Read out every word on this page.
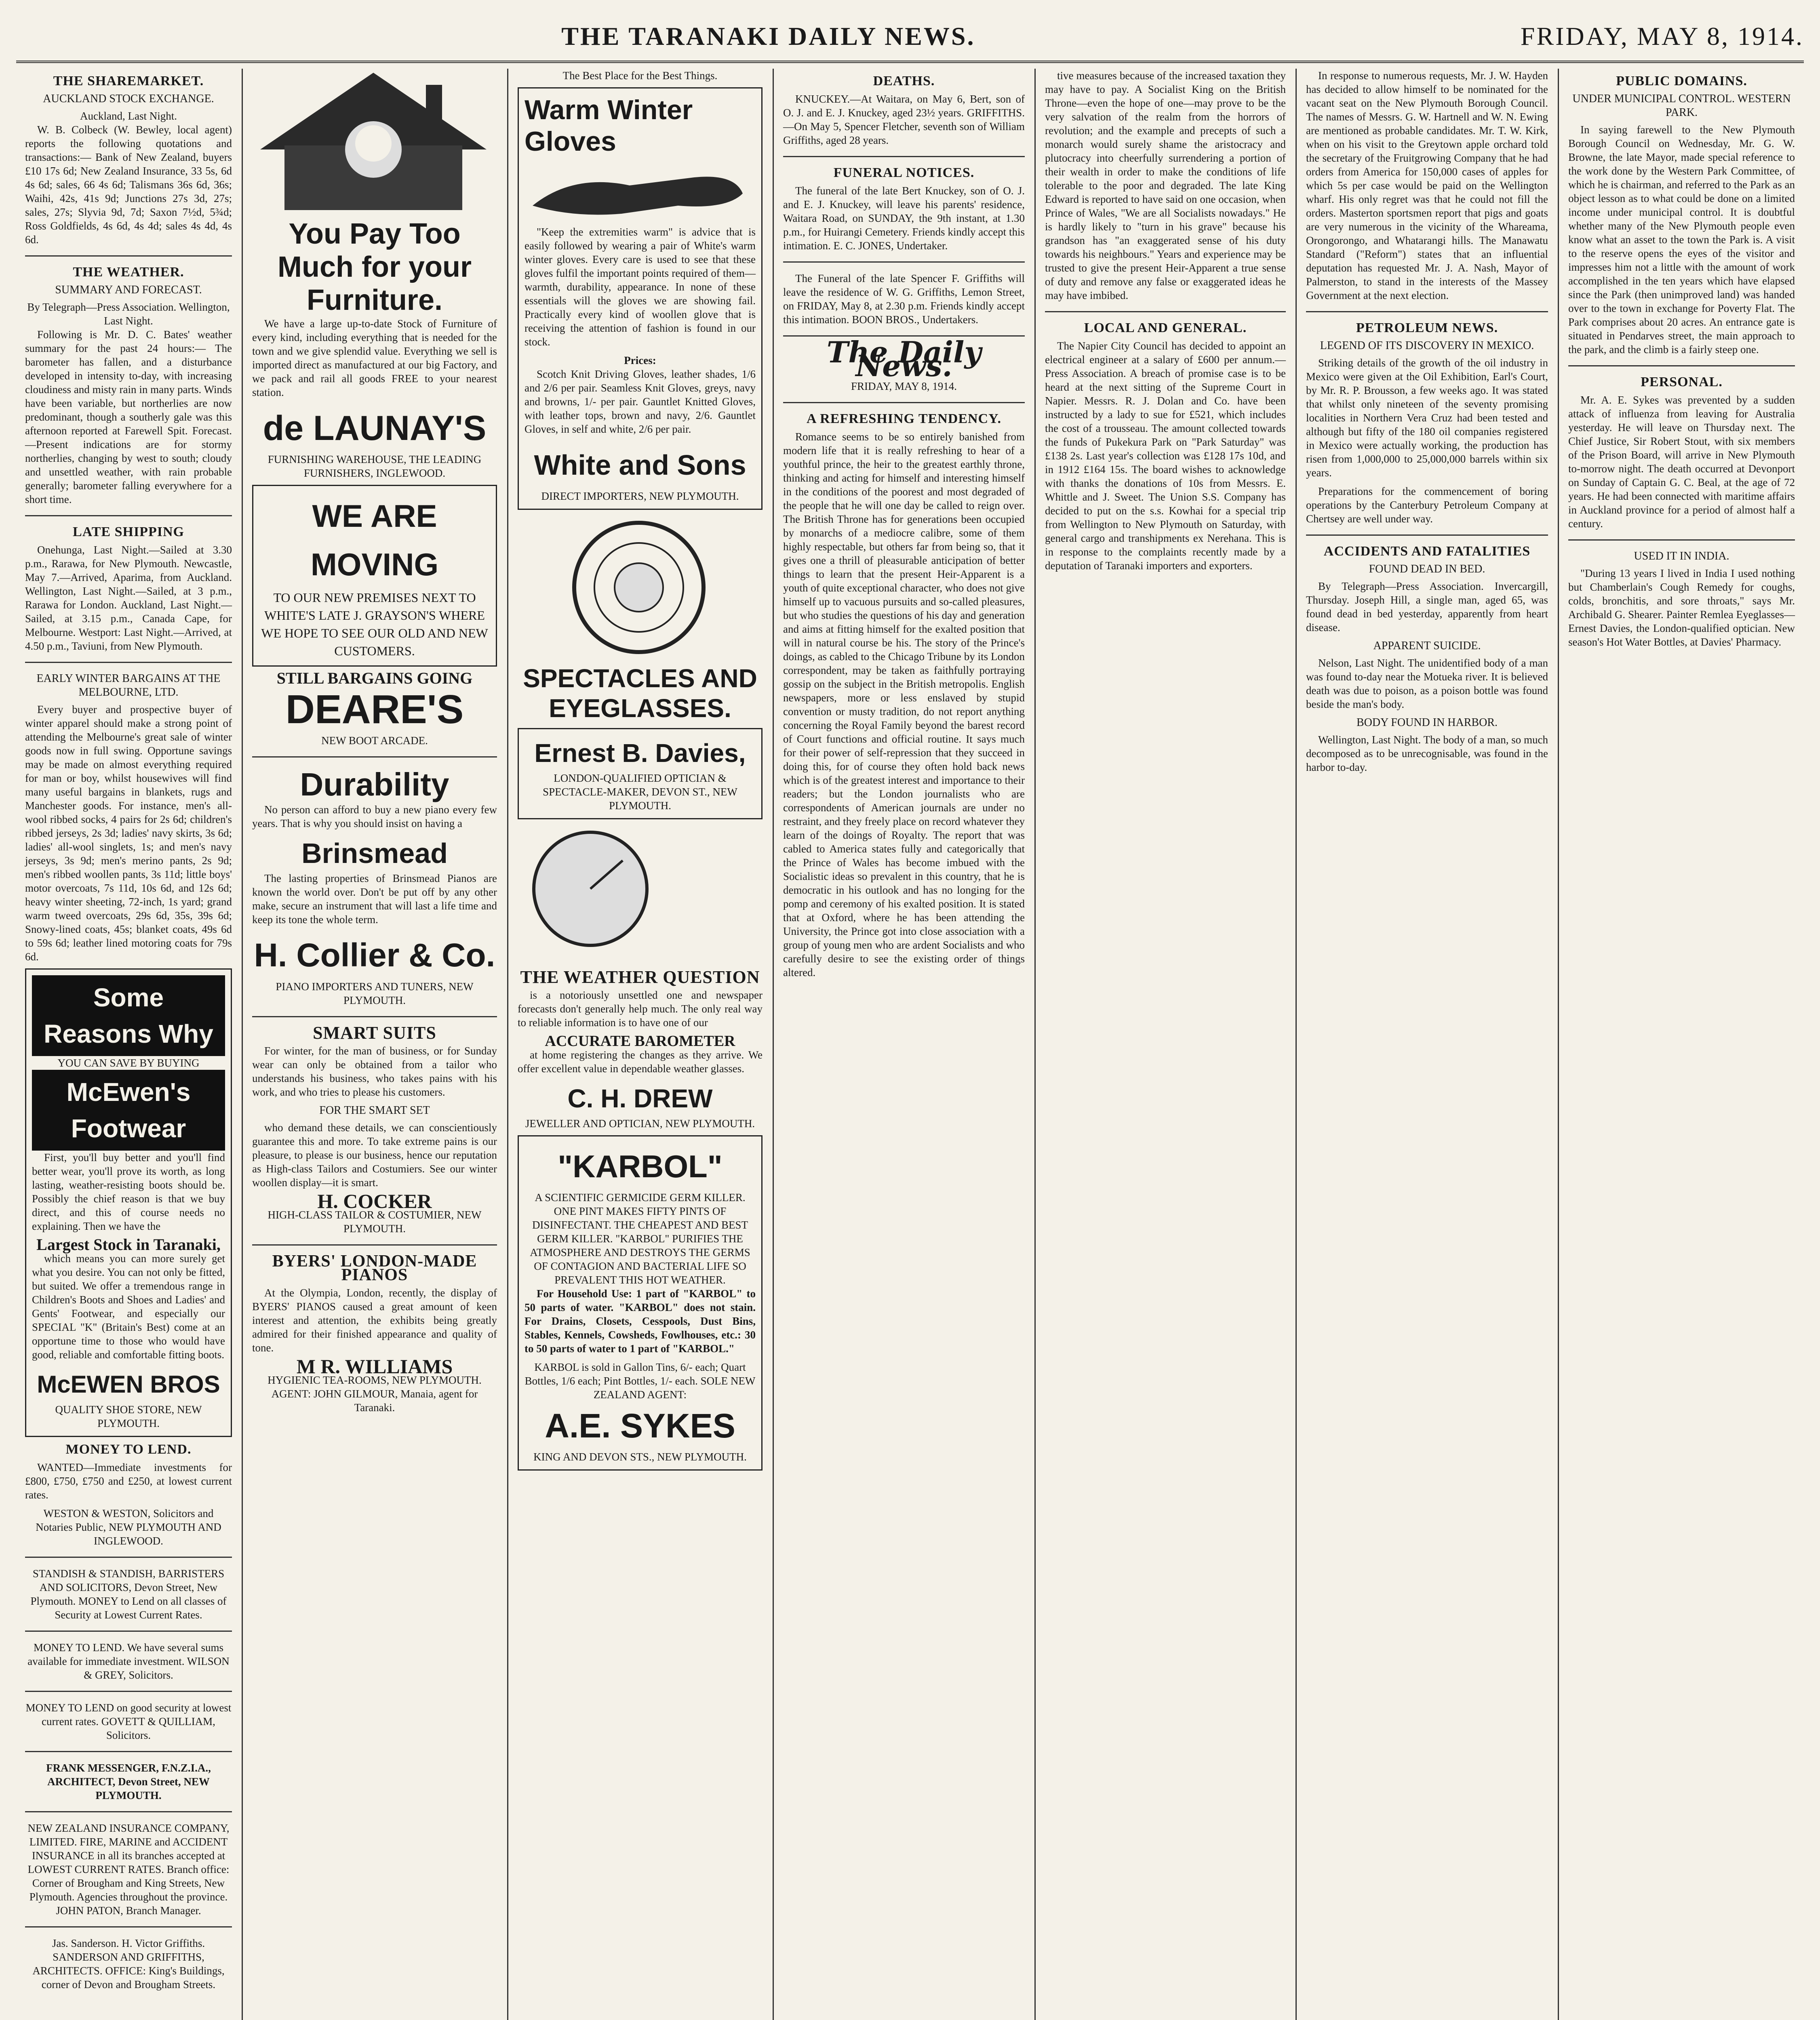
THE TARANAKI DAILY NEWS.	FRIDAY, MAY 8, 1914.
THE SHAREMARKET.
AUCKLAND STOCK EXCHANGE.
Auckland, Last Night.

W. B. Colbeck (W. Bewley, local agent) reports the following quotations and transactions:— Bank of New Zealand, buyers £10 17s 6d; New Zealand Insurance, 33 5s, 6d 4s 6d; sales, 66 4s 6d; Talismans 36s 6d, 36s; Waihi, 42s, 41s 9d; Junctions 27s 3d, 27s; sales, 27s; Slyvia 9d, 7d; Saxon 7½d, 5¾d; Ross Goldfields, 4s 6d, 4s 4d; sales 4s 4d, 4s 6d.

THE WEATHER.
SUMMARY AND FORECAST.
By Telegraph—Press Association. Wellington, Last Night.

Following is Mr. D. C. Bates' weather summary for the past 24 hours:— The barometer has fallen, and a disturbance developed in intensity to-day, with increasing cloudiness and misty rain in many parts. Winds have been variable, but northerlies are now predominant, though a southerly gale was this afternoon reported at Farewell Spit. Forecast.—Present indications are for stormy northerlies, changing by west to south; cloudy and unsettled weather, with rain probable generally; barometer falling everywhere for a short time.

LATE SHIPPING

Onehunga, Last Night.—Sailed at 3.30 p.m., Rarawa, for New Plymouth. Newcastle, May 7.—Arrived, Aparima, from Auckland. Wellington, Last Night.—Sailed, at 3 p.m., Rarawa for London. Auckland, Last Night.—Sailed, at 3.15 p.m., Canada Cape, for Melbourne. Westport: Last Night.—Arrived, at 4.50 p.m., Taviuni, from New Plymouth.

EARLY WINTER BARGAINS AT THE MELBOURNE, LTD.

Every buyer and prospective buyer of winter apparel should make a strong point of attending the Melbourne's great sale of winter goods now in full swing. Opportune savings may be made on almost everything required for man or boy, whilst housewives will find many useful bargains in blankets, rugs and Manchester goods. For instance, men's all-wool ribbed socks, 4 pairs for 2s 6d; children's ribbed jerseys, 2s 3d; ladies' navy skirts, 3s 6d; ladies' all-wool singlets, 1s; and men's navy jerseys, 3s 9d; men's merino pants, 2s 9d; men's ribbed woollen pants, 3s 11d; little boys' motor overcoats, 7s 11d, 10s 6d, and 12s 6d; heavy winter sheeting, 72-inch, 1s yard; grand warm tweed overcoats, 29s 6d, 35s, 39s 6d; Snowy-lined coats, 45s; blanket coats, 49s 6d to 59s 6d; leather lined motoring coats for 79s 6d.

Some Reasons Why
YOU CAN SAVE BY BUYING
McEwen's Footwear

First, you'll buy better and you'll find better wear, you'll prove its worth, as long lasting, weather-resisting boots should be. Possibly the chief reason is that we buy direct, and this of course needs no explaining. Then we have the

Largest Stock in Taranaki,

which means you can more surely get what you desire. You can not only be fitted, but suited. We offer a tremendous range in Children's Boots and Shoes and Ladies' and Gents' Footwear, and especially our SPECIAL "K" (Britain's Best) come at an opportune time to those who would have good, reliable and comfortable fitting boots.

McEWEN BROS
QUALITY SHOE STORE, NEW PLYMOUTH.
MONEY TO LEND.

WANTED—Immediate investments for £800, £750, £750 and £250, at lowest current rates.

WESTON & WESTON, Solicitors and Notaries Public, NEW PLYMOUTH AND INGLEWOOD.
STANDISH & STANDISH, BARRISTERS AND SOLICITORS, Devon Street, New Plymouth. MONEY to Lend on all classes of Security at Lowest Current Rates.
MONEY TO LEND. We have several sums available for immediate investment. WILSON & GREY, Solicitors.
MONEY TO LEND on good security at lowest current rates. GOVETT & QUILLIAM, Solicitors.
FRANK MESSENGER, F.N.Z.I.A., ARCHITECT, Devon Street, NEW PLYMOUTH.
NEW ZEALAND INSURANCE COMPANY, LIMITED. FIRE, MARINE and ACCIDENT INSURANCE in all its branches accepted at LOWEST CURRENT RATES. Branch office: Corner of Brougham and King Streets, New Plymouth. Agencies throughout the province. JOHN PATON, Branch Manager.
Jas. Sanderson. H. Victor Griffiths. SANDERSON AND GRIFFITHS, ARCHITECTS. OFFICE: King's Buildings, corner of Devon and Brougham Streets.
You Pay Too Much for your Furniture.

We have a large up-to-date Stock of Furniture of every kind, including everything that is needed for the town and we give splendid value. Everything we sell is imported direct as manufactured at our big Factory, and we pack and rail all goods FREE to your nearest station.

de LAUNAY'S
FURNISHING WAREHOUSE, THE LEADING FURNISHERS, INGLEWOOD.
WE ARE MOVING
TO OUR NEW PREMISES NEXT TO WHITE'S LATE J. GRAYSON'S WHERE WE HOPE TO SEE OUR OLD AND NEW CUSTOMERS.
STILL BARGAINS GOING
DEARE'S
NEW BOOT ARCADE.
Durability

No person can afford to buy a new piano every few years. That is why you should insist on having a

Brinsmead

The lasting properties of Brinsmead Pianos are known the world over. Don't be put off by any other make, secure an instrument that will last a life time and keep its tone the whole term.

H. Collier & Co.
PIANO IMPORTERS AND TUNERS, NEW PLYMOUTH.
SMART SUITS

For winter, for the man of business, or for Sunday wear can only be obtained from a tailor who understands his business, who takes pains with his work, and who tries to please his customers.

FOR THE SMART SET

who demand these details, we can conscientiously guarantee this and more. To take extreme pains is our pleasure, to please is our business, hence our reputation as High-class Tailors and Costumiers. See our winter woollen display—it is smart.

H. COCKER
HIGH-CLASS TAILOR & COSTUMIER, NEW PLYMOUTH.
BYERS' LONDON-MADE PIANOS

At the Olympia, London, recently, the display of BYERS' PIANOS caused a great amount of keen interest and attention, the exhibits being greatly admired for their finished appearance and quality of tone.

M R. WILLIAMS
HYGIENIC TEA-ROOMS, NEW PLYMOUTH.
AGENT: JOHN GILMOUR, Manaia, agent for Taranaki.
The Best Place for the Best Things.
Warm Winter Gloves

"Keep the extremities warm" is advice that is easily followed by wearing a pair of White's warm winter gloves. Every care is used to see that these gloves fulfil the important points required of them—warmth, durability, appearance. In none of these essentials will the gloves we are showing fail. Practically every kind of woollen glove that is receiving the attention of fashion is found in our stock.

Prices:

Scotch Knit Driving Gloves, leather shades, 1/6 and 2/6 per pair. Seamless Knit Gloves, greys, navy and browns, 1/- per pair. Gauntlet Knitted Gloves, with leather tops, brown and navy, 2/6. Gauntlet Gloves, in self and white, 2/6 per pair.

White and Sons
DIRECT IMPORTERS, NEW PLYMOUTH.
SPECTACLES AND EYEGLASSES.
Ernest B. Davies,
LONDON-QUALIFIED OPTICIAN & SPECTACLE-MAKER, DEVON ST., NEW PLYMOUTH.
THE WEATHER QUESTION

is a notoriously unsettled one and newspaper forecasts don't generally help much. The only real way to reliable information is to have one of our

ACCURATE BAROMETER

at home registering the changes as they arrive. We offer excellent value in dependable weather glasses.

C. H. DREW
JEWELLER AND OPTICIAN, NEW PLYMOUTH.
"KARBOL"
A SCIENTIFIC GERMICIDE GERM KILLER. ONE PINT MAKES FIFTY PINTS OF DISINFECTANT. THE CHEAPEST AND BEST GERM KILLER. "KARBOL" PURIFIES THE ATMOSPHERE AND DESTROYS THE GERMS OF CONTAGION AND BACTERIAL LIFE SO PREVALENT THIS HOT WEATHER.

For Household Use: 1 part of "KARBOL" to 50 parts of water. "KARBOL" does not stain. For Drains, Closets, Cesspools, Dust Bins, Stables, Kennels, Cowsheds, Fowlhouses, etc.: 30 to 50 parts of water to 1 part of "KARBOL."

KARBOL is sold in Gallon Tins, 6/- each; Quart Bottles, 1/6 each; Pint Bottles, 1/- each. SOLE NEW ZEALAND AGENT:
A.E. SYKES
KING AND DEVON STS., NEW PLYMOUTH.
DEATHS.

KNUCKEY.—At Waitara, on May 6, Bert, son of O. J. and E. J. Knuckey, aged 23½ years. GRIFFITHS.—On May 5, Spencer Fletcher, seventh son of William Griffiths, aged 28 years.

FUNERAL NOTICES.

The funeral of the late Bert Knuckey, son of O. J. and E. J. Knuckey, will leave his parents' residence, Waitara Road, on SUNDAY, the 9th instant, at 1.30 p.m., for Huirangi Cemetery. Friends kindly accept this intimation. E. C. JONES, Undertaker.

The Funeral of the late Spencer F. Griffiths will leave the residence of W. G. Griffiths, Lemon Street, on FRIDAY, May 8, at 2.30 p.m. Friends kindly accept this intimation. BOON BROS., Undertakers.

The Daily News.
FRIDAY, MAY 8, 1914.
A REFRESHING TENDENCY.

Romance seems to be so entirely banished from modern life that it is really refreshing to hear of a youthful prince, the heir to the greatest earthly throne, thinking and acting for himself and interesting himself in the conditions of the poorest and most degraded of the people that he will one day be called to reign over. The British Throne has for generations been occupied by monarchs of a mediocre calibre, some of them highly respectable, but others far from being so, that it gives one a thrill of pleasurable anticipation of better things to learn that the present Heir-Apparent is a youth of quite exceptional character, who does not give himself up to vacuous pursuits and so-called pleasures, but who studies the questions of his day and generation and aims at fitting himself for the exalted position that will in natural course be his. The story of the Prince's doings, as cabled to the Chicago Tribune by its London correspondent, may be taken as faithfully portraying gossip on the subject in the British metropolis. English newspapers, more or less enslaved by stupid convention or musty tradition, do not report anything concerning the Royal Family beyond the barest record of Court functions and official routine. It says much for their power of self-repression that they succeed in doing this, for of course they often hold back news which is of the greatest interest and importance to their readers; but the London journalists who are correspondents of American journals are under no restraint, and they freely place on record whatever they learn of the doings of Royalty. The report that was cabled to America states fully and categorically that the Prince of Wales has become imbued with the Socialistic ideas so prevalent in this country, that he is democratic in his outlook and has no longing for the pomp and ceremony of his exalted position. It is stated that at Oxford, where he has been attending the University, the Prince got into close association with a group of young men who are ardent Socialists and who carefully desire to see the existing order of things altered.

tive measures because of the increased taxation they may have to pay. A Socialist King on the British Throne—even the hope of one—may prove to be the very salvation of the realm from the horrors of revolution; and the example and precepts of such a monarch would surely shame the aristocracy and plutocracy into cheerfully surrendering a portion of their wealth in order to make the conditions of life tolerable to the poor and degraded. The late King Edward is reported to have said on one occasion, when Prince of Wales, "We are all Socialists nowadays." He is hardly likely to "turn in his grave" because his grandson has "an exaggerated sense of his duty towards his neighbours." Years and experience may be trusted to give the present Heir-Apparent a true sense of duty and remove any false or exaggerated ideas he may have imbibed.

LOCAL AND GENERAL.

The Napier City Council has decided to appoint an electrical engineer at a salary of £600 per annum.—Press Association. A breach of promise case is to be heard at the next sitting of the Supreme Court in Napier. Messrs. R. J. Dolan and Co. have been instructed by a lady to sue for £521, which includes the cost of a trousseau. The amount collected towards the funds of Pukekura Park on "Park Saturday" was £138 2s. Last year's collection was £128 17s 10d, and in 1912 £164 15s. The board wishes to acknowledge with thanks the donations of 10s from Messrs. E. Whittle and J. Sweet. The Union S.S. Company has decided to put on the s.s. Kowhai for a special trip from Wellington to New Plymouth on Saturday, with general cargo and transhipments ex Nerehana. This is in response to the complaints recently made by a deputation of Taranaki importers and exporters.

In response to numerous requests, Mr. J. W. Hayden has decided to allow himself to be nominated for the vacant seat on the New Plymouth Borough Council. The names of Messrs. G. W. Hartnell and W. N. Ewing are mentioned as probable candidates. Mr. T. W. Kirk, when on his visit to the Greytown apple orchard told the secretary of the Fruitgrowing Company that he had orders from America for 150,000 cases of apples for which 5s per case would be paid on the Wellington wharf. His only regret was that he could not fill the orders. Masterton sportsmen report that pigs and goats are very numerous in the vicinity of the Whareama, Orongorongo, and Whatarangi hills. The Manawatu Standard ("Reform") states that an influential deputation has requested Mr. J. A. Nash, Mayor of Palmerston, to stand in the interests of the Massey Government at the next election.

PETROLEUM NEWS.
LEGEND OF ITS DISCOVERY IN MEXICO.

Striking details of the growth of the oil industry in Mexico were given at the Oil Exhibition, Earl's Court, by Mr. R. P. Brousson, a few weeks ago. It was stated that whilst only nineteen of the seventy promising localities in Northern Vera Cruz had been tested and although but fifty of the 180 oil companies registered in Mexico were actually working, the production has risen from 1,000,000 to 25,000,000 barrels within six years.

Preparations for the commencement of boring operations by the Canterbury Petroleum Company at Chertsey are well under way.

ACCIDENTS AND FATALITIES
FOUND DEAD IN BED.

By Telegraph—Press Association. Invercargill, Thursday. Joseph Hill, a single man, aged 65, was found dead in bed yesterday, apparently from heart disease.

APPARENT SUICIDE.

Nelson, Last Night. The unidentified body of a man was found to-day near the Motueka river. It is believed death was due to poison, as a poison bottle was found beside the man's body.

BODY FOUND IN HARBOR.

Wellington, Last Night. The body of a man, so much decomposed as to be unrecognisable, was found in the harbor to-day.

PUBLIC DOMAINS.
UNDER MUNICIPAL CONTROL. WESTERN PARK.

In saying farewell to the New Plymouth Borough Council on Wednesday, Mr. G. W. Browne, the late Mayor, made special reference to the work done by the Western Park Committee, of which he is chairman, and referred to the Park as an object lesson as to what could be done on a limited income under municipal control. It is doubtful whether many of the New Plymouth people even know what an asset to the town the Park is. A visit to the reserve opens the eyes of the visitor and impresses him not a little with the amount of work accomplished in the ten years which have elapsed since the Park (then unimproved land) was handed over to the town in exchange for Poverty Flat. The Park comprises about 20 acres. An entrance gate is situated in Pendarves street, the main approach to the park, and the climb is a fairly steep one.

PERSONAL.

Mr. A. E. Sykes was prevented by a sudden attack of influenza from leaving for Australia yesterday. He will leave on Thursday next. The Chief Justice, Sir Robert Stout, with six members of the Prison Board, will arrive in New Plymouth to-morrow night. The death occurred at Devonport on Sunday of Captain G. C. Beal, at the age of 72 years. He had been connected with maritime affairs in Auckland province for a period of almost half a century.

USED IT IN INDIA.

"During 13 years I lived in India I used nothing but Chamberlain's Cough Remedy for coughs, colds, bronchitis, and sore throats," says Mr. Archibald G. Shearer. Painter Remlea Eyeglasses—Ernest Davies, the London-qualified optician. New season's Hot Water Bottles, at Davies' Pharmacy.
